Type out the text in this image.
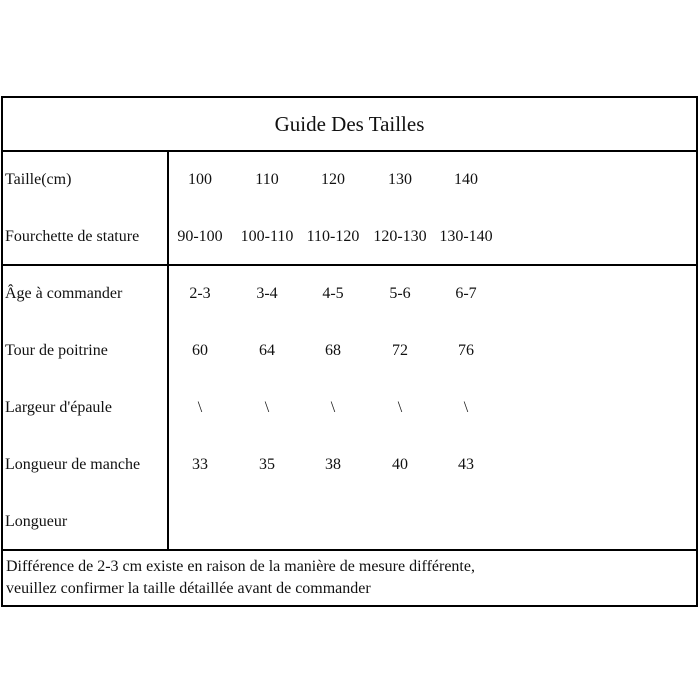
Guide Des Tailles
Taille(cm)	100	110	120	130	140
Fourchette de stature	90-100	100-110 110-120 120-130 130-140
Âge à commander	2-3	3-4	4-5	5-6	6-7
Tour de poitrine	60	64	68	72	76
Largeur d'épaule	\	\	\	\	\
Longueur de manche	33	35	38	40	43
Longueur
Différence de 2-3 cm existe en raison de la manière de mesure différente,
veuillez confirmer la taille détaillée avant de commander
